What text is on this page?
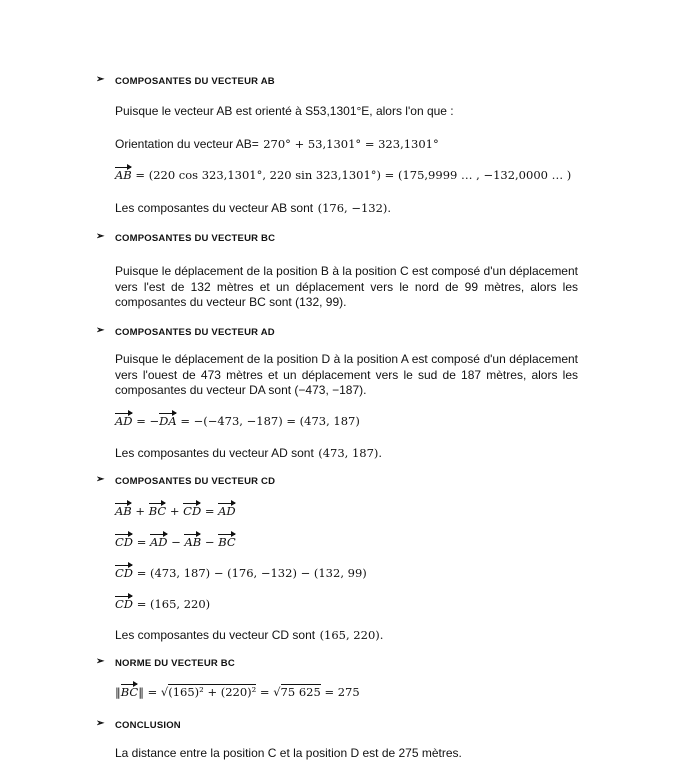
➢ COMPOSANTES DU VECTEUR AB
Puisque le vecteur AB est orienté à S53,1301°E, alors l'on que :
Orientation du vecteur AB= 270° + 53,1301° = 323,1301°
AB = (220 cos 323,1301°, 220 sin 323,1301°) = (175,9999 … , −132,0000 … )
Les composantes du vecteur AB sont (176, −132).
➢ COMPOSANTES DU VECTEUR BC
Puisque le déplacement de la position B à la position C est composé d'un déplacement vers l'est de 132 mètres et un déplacement vers le nord de 99 mètres, alors les composantes du vecteur BC sont (132, 99).
➢ COMPOSANTES DU VECTEUR AD
Puisque le déplacement de la position D à la position A est composé d'un déplacement vers l'ouest de 473 mètres et un déplacement vers le sud de 187 mètres, alors les composantes du vecteur DA sont (−473, −187).
AD = −DA = −(−473, −187) = (473, 187)
Les composantes du vecteur AD sont (473, 187).
➢ COMPOSANTES DU VECTEUR CD
AB + BC + CD = AD
CD = AD − AB − BC
CD = (473, 187) − (176, −132) − (132, 99)
CD = (165, 220)
Les composantes du vecteur CD sont (165, 220).
➢ NORME DU VECTEUR BC
‖BC‖ = √(165)² + (220)² = √75 625 = 275
➢ CONCLUSION
La distance entre la position C et la position D est de 275 mètres.
